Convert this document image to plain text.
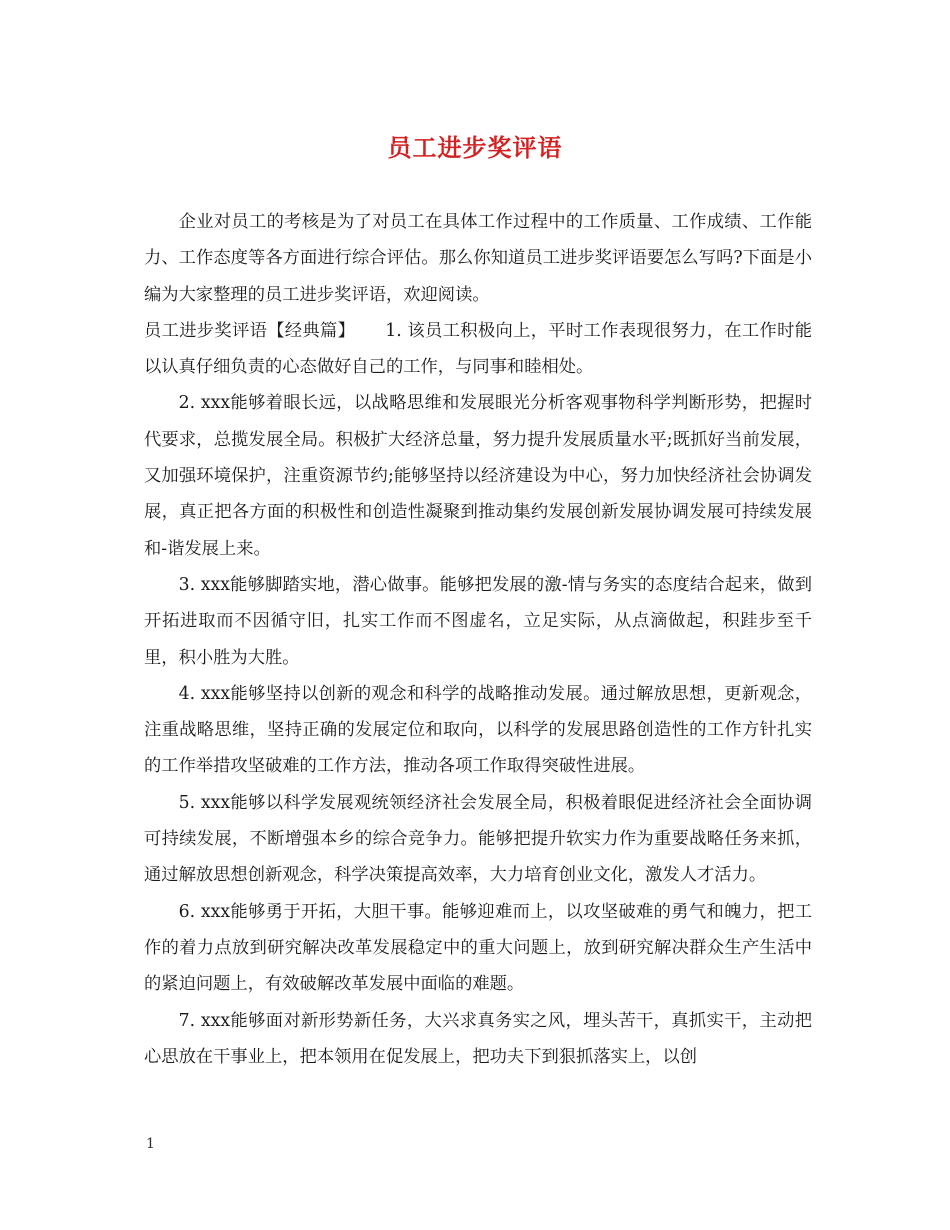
员工进步奖评语

企业对员工的考核是为了对员工在具体工作过程中的工作质量、工作成绩、工作能力、工作态度等各方面进行综合评估。那么你知道员工进步奖评语要怎么写吗?下面是小编为大家整理的员工进步奖评语，欢迎阅读。

员工进步奖评语【经典篇】 1. 该员工积极向上，平时工作表现很努力，在工作时能以认真仔细负责的心态做好自己的工作，与同事和睦相处。

2. xxx能够着眼长远，以战略思维和发展眼光分析客观事物科学判断形势，把握时代要求，总揽发展全局。积极扩大经济总量，努力提升发展质量水平;既抓好当前发展，又加强环境保护，注重资源节约;能够坚持以经济建设为中心，努力加快经济社会协调发展，真正把各方面的积极性和创造性凝聚到推动集约发展创新发展协调发展可持续发展和-谐发展上来。

3. xxx能够脚踏实地，潜心做事。能够把发展的激-情与务实的态度结合起来，做到开拓进取而不因循守旧，扎实工作而不图虚名，立足实际，从点滴做起，积跬步至千里，积小胜为大胜。

4. xxx能够坚持以创新的观念和科学的战略推动发展。通过解放思想，更新观念，注重战略思维，坚持正确的发展定位和取向，以科学的发展思路创造性的工作方针扎实的工作举措攻坚破难的工作方法，推动各项工作取得突破性进展。

5. xxx能够以科学发展观统领经济社会发展全局，积极着眼促进经济社会全面协调可持续发展，不断增强本乡的综合竞争力。能够把提升软实力作为重要战略任务来抓，通过解放思想创新观念，科学决策提高效率，大力培育创业文化，激发人才活力。

6. xxx能够勇于开拓，大胆干事。能够迎难而上，以攻坚破难的勇气和魄力，把工作的着力点放到研究解决改革发展稳定中的重大问题上，放到研究解决群众生产生活中的紧迫问题上，有效破解改革发展中面临的难题。

7. xxx能够面对新形势新任务，大兴求真务实之风，埋头苦干，真抓实干，主动把心思放在干事业上，把本领用在促发展上，把功夫下到狠抓落实上，以创

1
